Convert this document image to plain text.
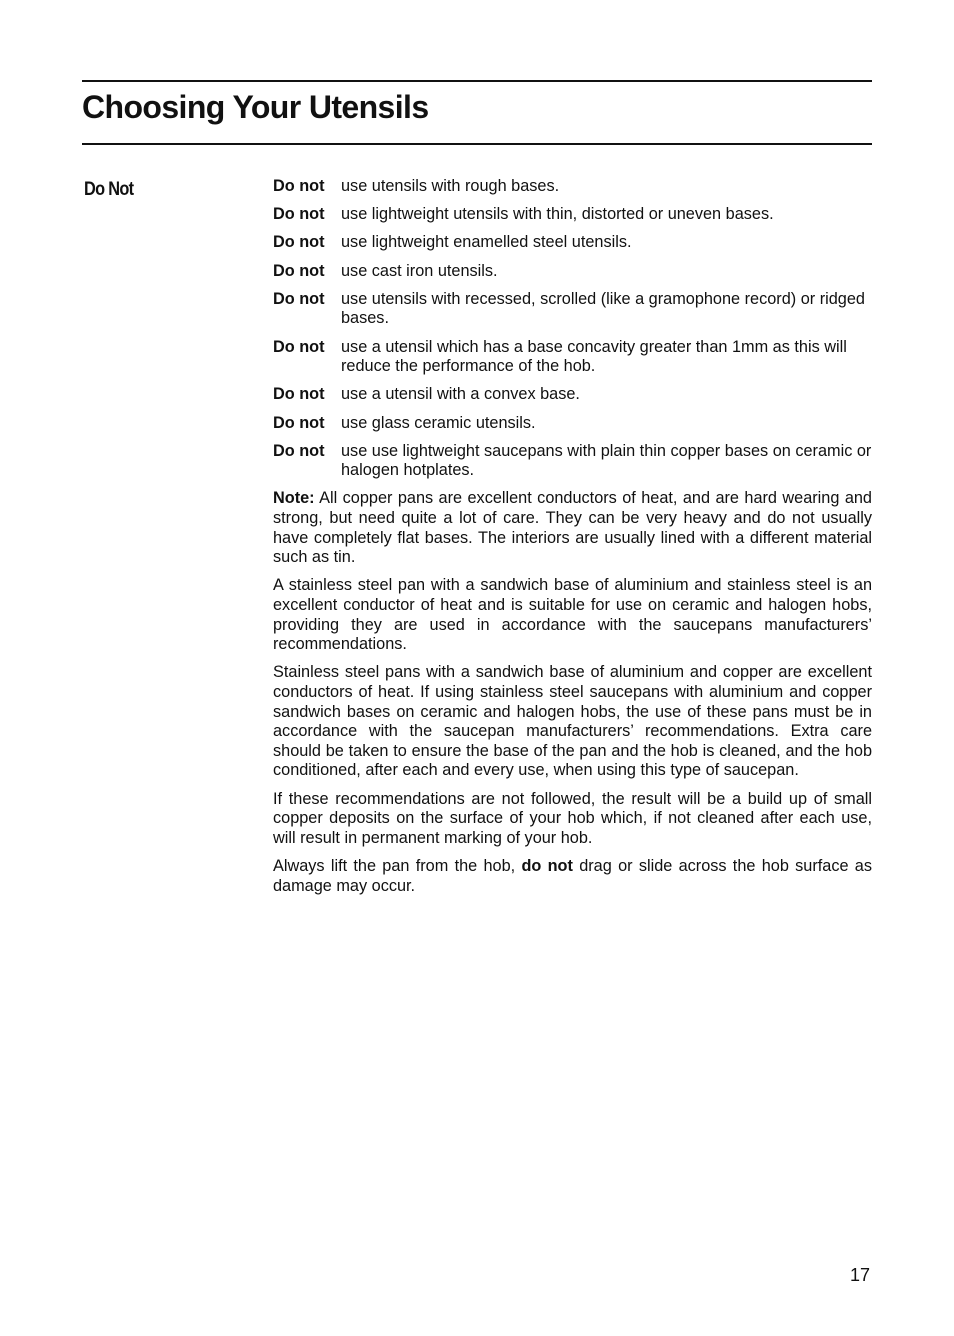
Choosing Your Utensils
Do Not	Do not	use utensils with rough bases.
Do not	use lightweight utensils with thin, distorted or uneven bases.
Do not	use lightweight enamelled steel utensils.
Do not	use cast iron utensils.
Do not	use utensils with recessed, scrolled (like a gramophone record) or ridged bases.
Do not	use a utensil which has a base concavity greater than 1mm as this will reduce the performance of the hob.
Do not	use a utensil with a convex base.
Do not	use glass ceramic utensils.
Do not	use use lightweight saucepans with plain thin copper bases on ceramic or halogen hotplates.

Note: All copper pans are excellent conductors of heat, and are hard wearing and strong, but need quite a lot of care. They can be very heavy and do not usually have completely flat bases. The interiors are usually lined with a different material such as tin.

A stainless steel pan with a sandwich base of aluminium and stainless steel is an excellent conductor of heat and is suitable for use on ceramic and halogen hobs, providing they are used in accordance with the saucepans manufacturers’ recommendations.

Stainless steel pans with a sandwich base of aluminium and copper are excellent conductors of heat. If using stainless steel saucepans with aluminium and copper sandwich bases on ceramic and halogen hobs, the use of these pans must be in accordance with the saucepan manufacturers’ recommendations. Extra care should be taken to ensure the base of the pan and the hob is cleaned, and the hob conditioned, after each and every use, when using this type of saucepan.

If these recommendations are not followed, the result will be a build up of small copper deposits on the surface of your hob which, if not cleaned after each use, will result in permanent marking of your hob.

Always lift the pan from the hob, do not drag or slide across the hob surface as damage may occur.

17
